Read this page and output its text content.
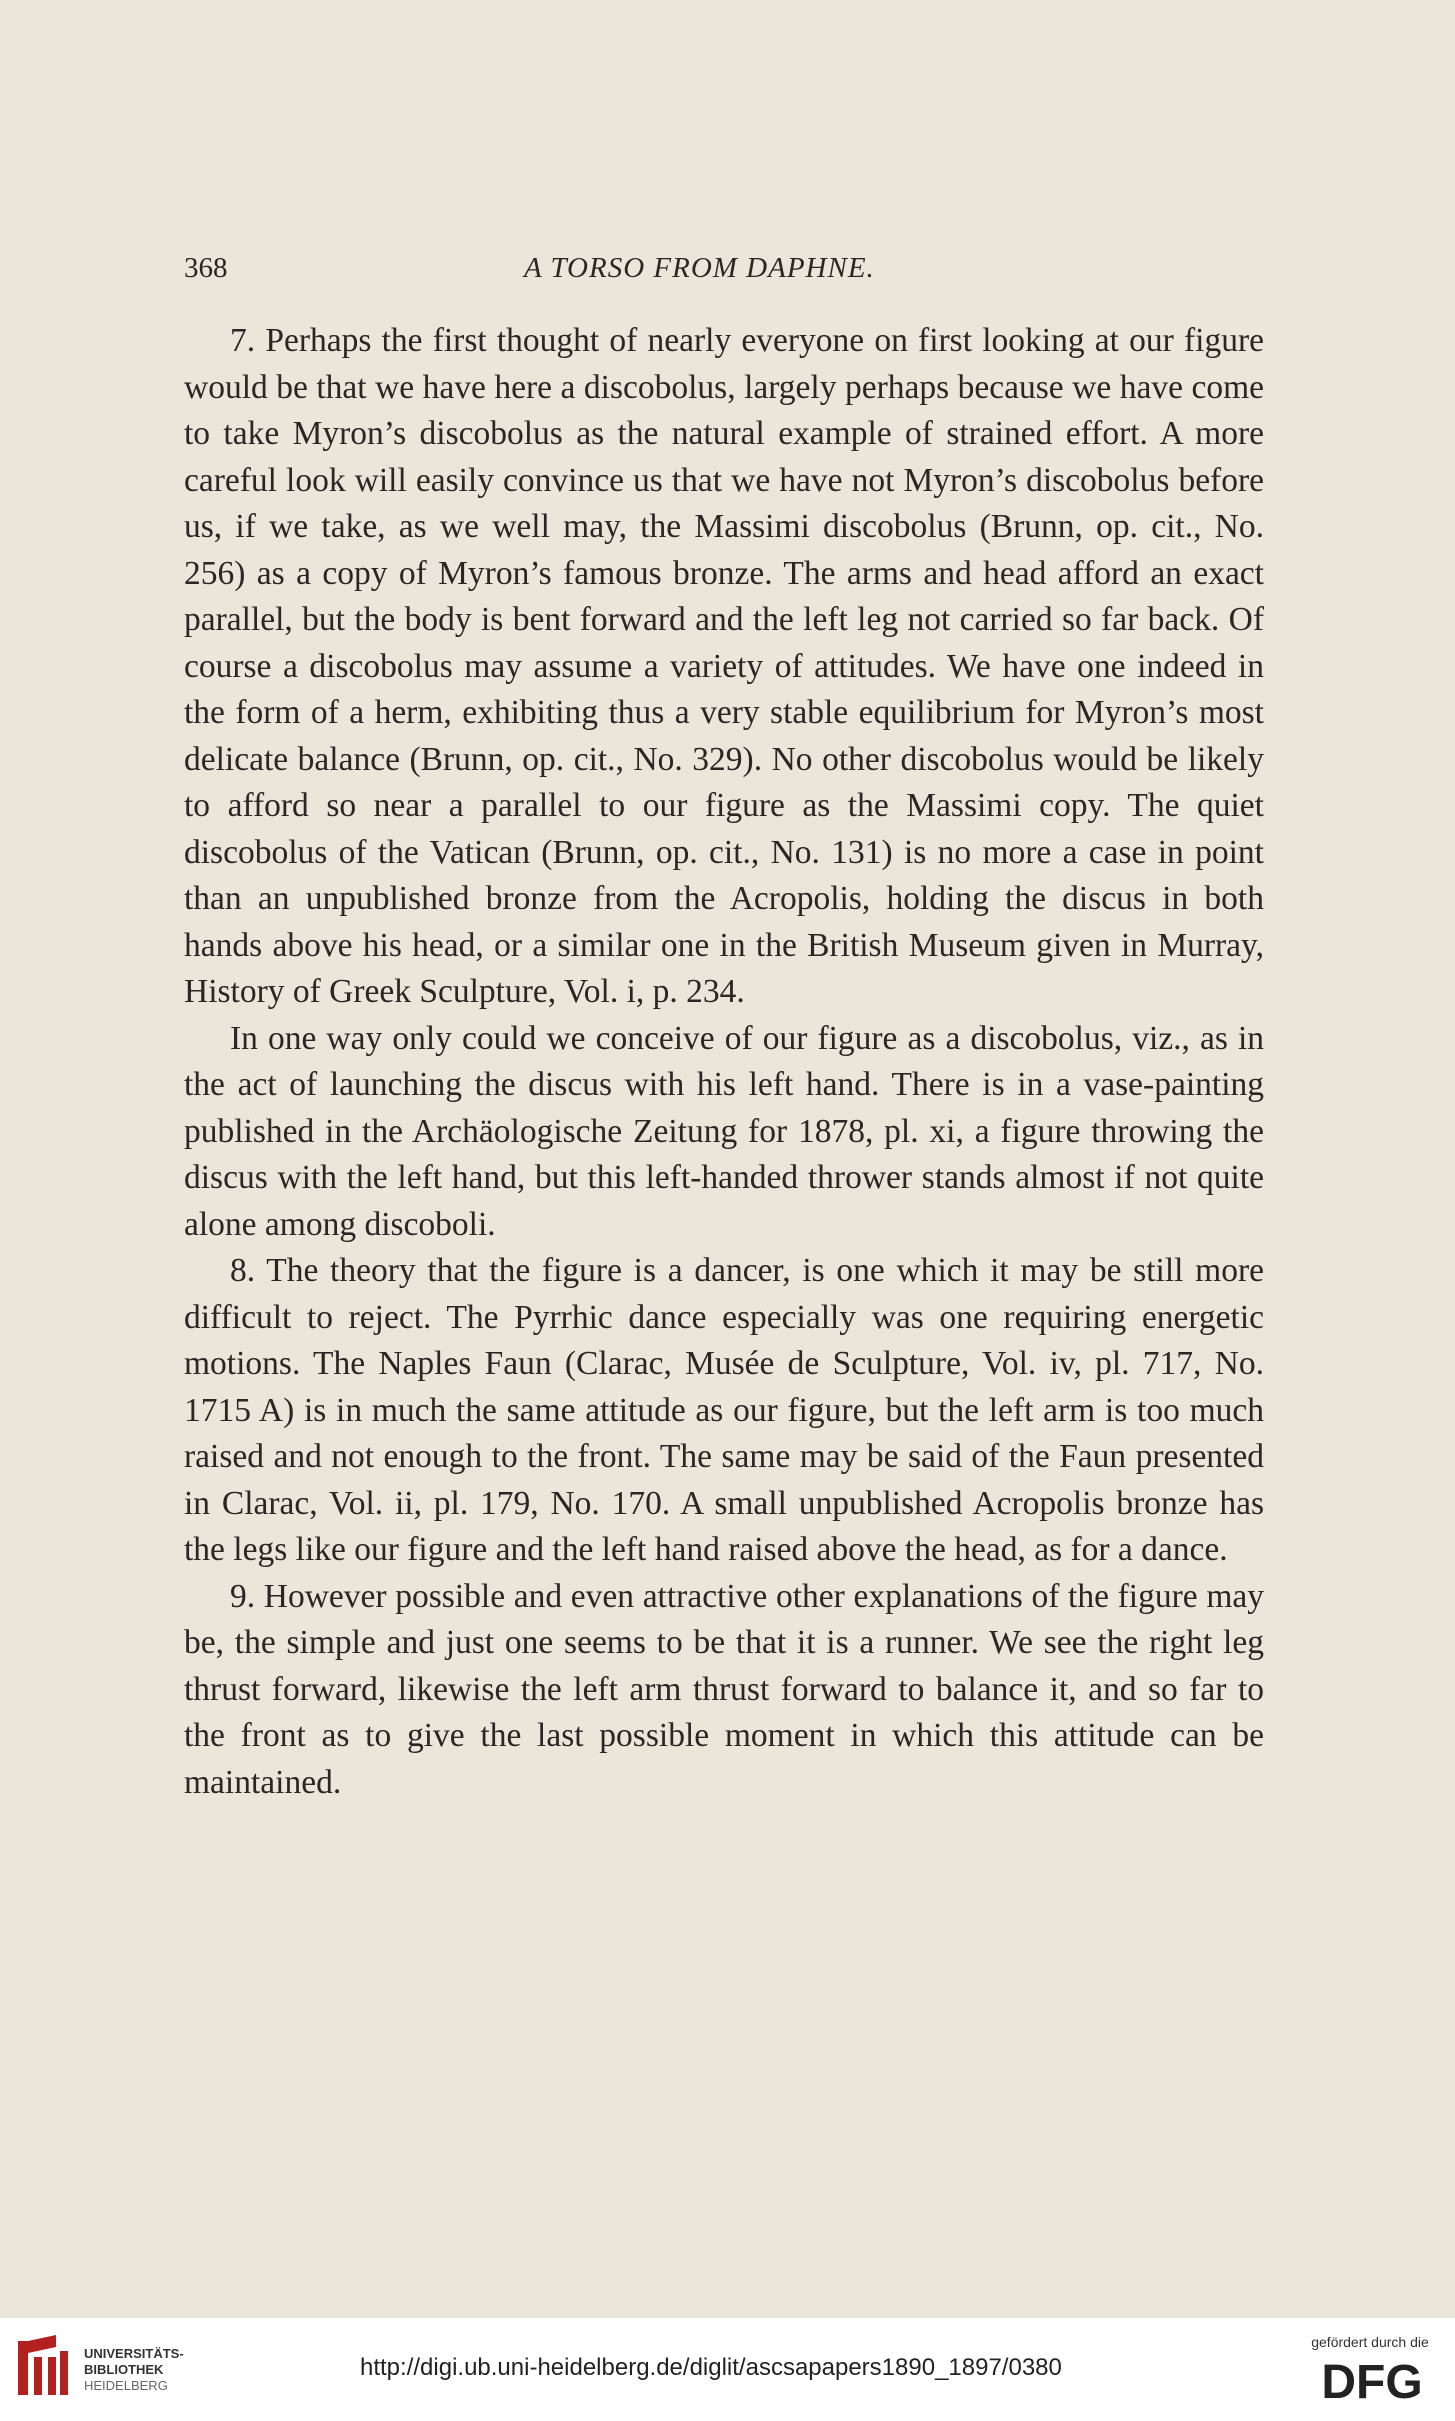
368	A TORSO FROM DAPHNE.

7. Perhaps the first thought of nearly everyone on first looking at our figure would be that we have here a discobolus, largely perhaps because we have come to take Myron’s discobolus as the natural example of strained effort. A more careful look will easily convince us that we have not Myron’s discobolus before us, if we take, as we well may, the Massimi discobolus (Brunn, op. cit., No. 256) as a copy of Myron’s famous bronze. The arms and head afford an exact parallel, but the body is bent forward and the left leg not carried so far back. Of course a discobolus may assume a variety of attitudes. We have one indeed in the form of a herm, exhibiting thus a very stable equilibrium for Myron’s most delicate balance (Brunn, op. cit., No. 329). No other discobolus would be likely to afford so near a parallel to our figure as the Massimi copy. The quiet discobolus of the Vatican (Brunn, op. cit., No. 131) is no more a case in point than an unpublished bronze from the Acropolis, holding the discus in both hands above his head, or a similar one in the British Museum given in Murray, History of Greek Sculpture, Vol. i, p. 234.

In one way only could we conceive of our figure as a discobolus, viz., as in the act of launching the discus with his left hand. There is in a vase-painting published in the Archäologische Zeitung for 1878, pl. xi, a figure throwing the discus with the left hand, but this left-handed thrower stands almost if not quite alone among discoboli.

8. The theory that the figure is a dancer, is one which it may be still more difficult to reject. The Pyrrhic dance especially was one requiring energetic motions. The Naples Faun (Clarac, Musée de Sculpture, Vol. iv, pl. 717, No. 1715 A) is in much the same attitude as our figure, but the left arm is too much raised and not enough to the front. The same may be said of the Faun presented in Clarac, Vol. ii, pl. 179, No. 170. A small unpublished Acropolis bronze has the legs like our figure and the left hand raised above the head, as for a dance.

9. However possible and even attractive other explanations of the figure may be, the simple and just one seems to be that it is a runner. We see the right leg thrust forward, likewise the left arm thrust forward to balance it, and so far to the front as to give the last possible moment in which this attitude can be maintained.

UNIVERSITÄTS-
BIBLIOTHEK
HEIDELBERG
http://digi.ub.uni-heidelberg.de/diglit/ascsapapers1890_1897/0380
gefördert durch die
DFG
